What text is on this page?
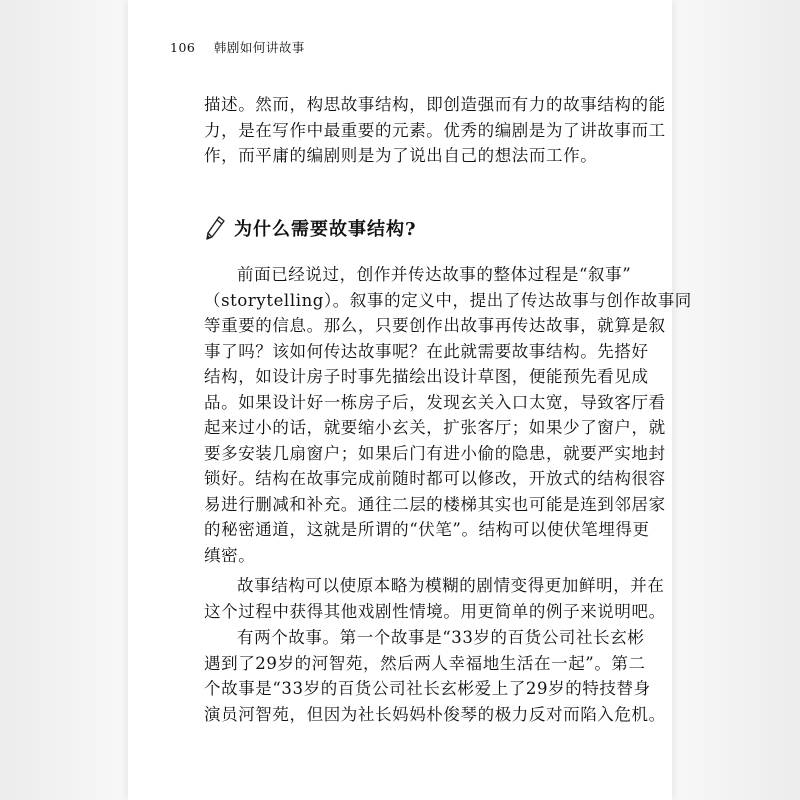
106 韩剧如何讲故事
描述。然而，构思故事结构，即创造强而有力的故事结构的能
力，是在写作中最重要的元素。优秀的编剧是为了讲故事而工
作，而平庸的编剧则是为了说出自己的想法而工作。
为什么需要故事结构?
前面已经说过，创作并传达故事的整体过程是“叙事”
（storytelling）。叙事的定义中，提出了传达故事与创作故事同
等重要的信息。那么，只要创作出故事再传达故事，就算是叙
事了吗？该如何传达故事呢？在此就需要故事结构。先搭好
结构，如设计房子时事先描绘出设计草图，便能预先看见成
品。如果设计好一栋房子后，发现玄关入口太宽，导致客厅看
起来过小的话，就要缩小玄关，扩张客厅；如果少了窗户，就
要多安装几扇窗户；如果后门有进小偷的隐患，就要严实地封
锁好。结构在故事完成前随时都可以修改，开放式的结构很容
易进行删减和补充。通往二层的楼梯其实也可能是连到邻居家
的秘密通道，这就是所谓的“伏笔”。结构可以使伏笔埋得更
缜密。
故事结构可以使原本略为模糊的剧情变得更加鲜明，并在
这个过程中获得其他戏剧性情境。用更简单的例子来说明吧。
有两个故事。第一个故事是“33岁的百货公司社长玄彬
遇到了29岁的河智苑，然后两人幸福地生活在一起”。第二
个故事是“33岁的百货公司社长玄彬爱上了29岁的特技替身
演员河智苑，但因为社长妈妈朴俊琴的极力反对而陷入危机。
